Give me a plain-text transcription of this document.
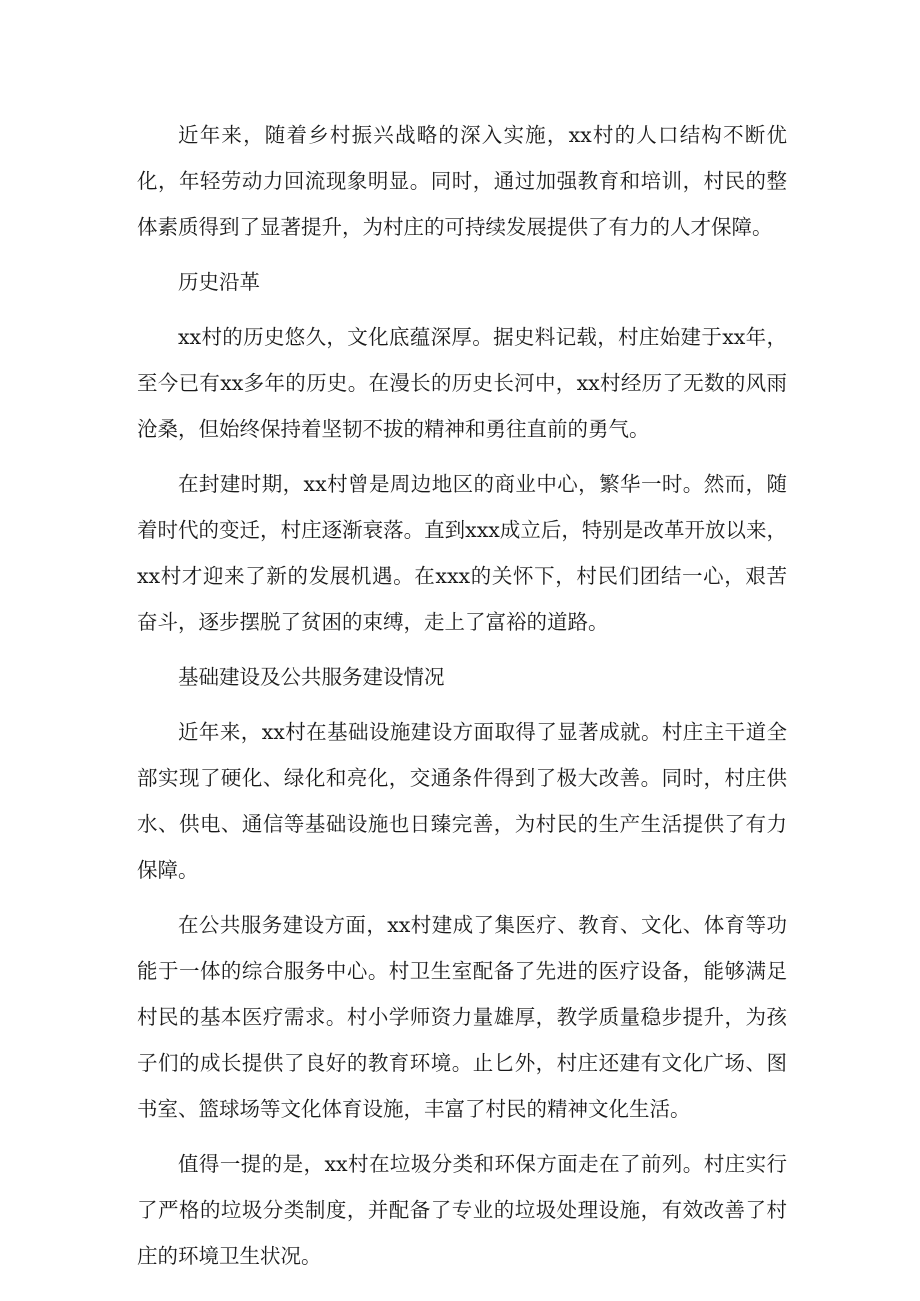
近年来，随着乡村振兴战略的深入实施，xx村的人口结构不断优化，年轻劳动力回流现象明显。同时，通过加强教育和培训，村民的整体素质得到了显著提升，为村庄的可持续发展提供了有力的人才保障。

历史沿革

xx村的历史悠久，文化底蕴深厚。据史料记载，村庄始建于xx年，至今已有xx多年的历史。在漫长的历史长河中，xx村经历了无数的风雨沧桑，但始终保持着坚韧不拔的精神和勇往直前的勇气。

在封建时期，xx村曾是周边地区的商业中心，繁华一时。然而，随着时代的变迁，村庄逐渐衰落。直到xxx成立后，特别是改革开放以来，xx村才迎来了新的发展机遇。在xxx的关怀下，村民们团结一心，艰苦奋斗，逐步摆脱了贫困的束缚，走上了富裕的道路。

基础建设及公共服务建设情况

近年来，xx村在基础设施建设方面取得了显著成就。村庄主干道全部实现了硬化、绿化和亮化，交通条件得到了极大改善。同时，村庄供水、供电、通信等基础设施也日臻完善，为村民的生产生活提供了有力保障。

在公共服务建设方面，xx村建成了集医疗、教育、文化、体育等功能于一体的综合服务中心。村卫生室配备了先进的医疗设备，能够满足村民的基本医疗需求。村小学师资力量雄厚，教学质量稳步提升，为孩子们的成长提供了良好的教育环境。止匕外，村庄还建有文化广场、图书室、篮球场等文化体育设施，丰富了村民的精神文化生活。

值得一提的是，xx村在垃圾分类和环保方面走在了前列。村庄实行了严格的垃圾分类制度，并配备了专业的垃圾处理设施，有效改善了村庄的环境卫生状况。
